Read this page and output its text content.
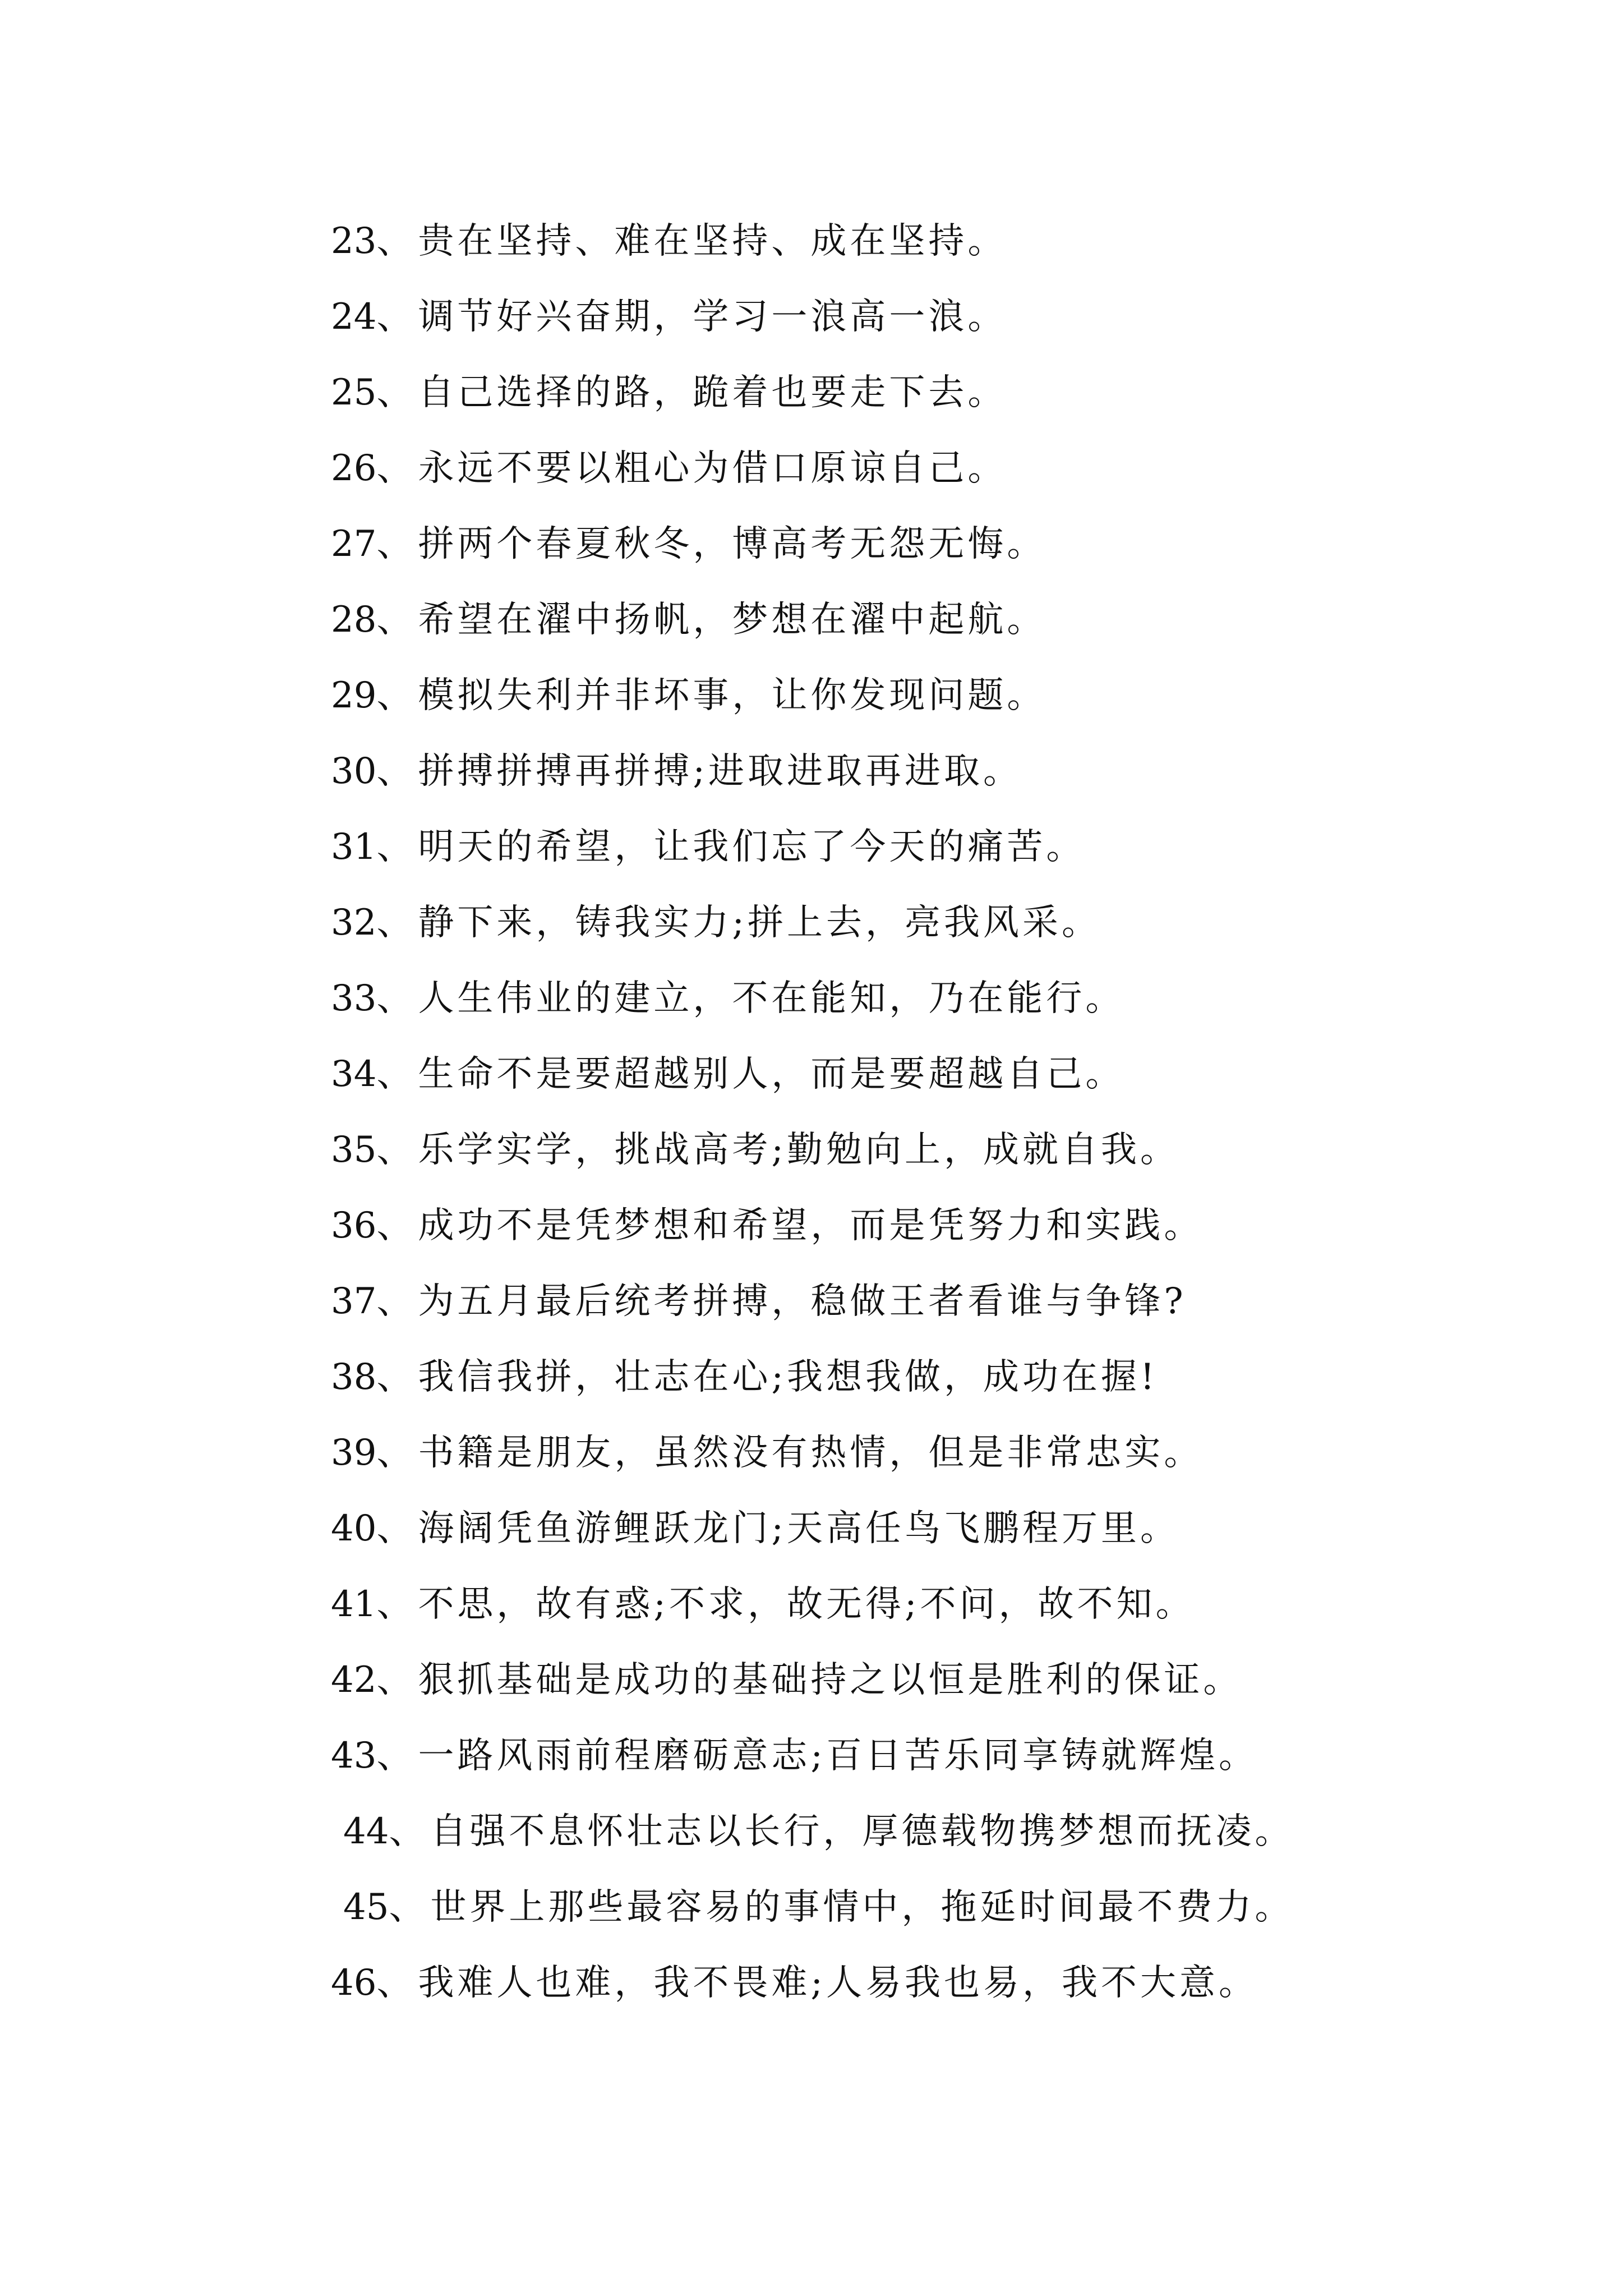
23、 贵在坚持、难在坚持、成在坚持。
24、 调节好兴奋期，学习一浪高一浪。
25、 自己选择的路，跪着也要走下去。
26、 永远不要以粗心为借口原谅自己。
27、 拼两个春夏秋冬，博高考无怨无悔。
28、 希望在濯中扬帆，梦想在濯中起航。
29、 模拟失利并非坏事，让你发现问题。
30、 拼搏拼搏再拼搏;进取进取再进取。
31、 明天的希望，让我们忘了今天的痛苦。
32、 静下来，铸我实力;拼上去，亮我风采。
33、 人生伟业的建立，不在能知，乃在能行。
34、 生命不是要超越别人，而是要超越自己。
35、 乐学实学，挑战高考;勤勉向上，成就自我。
36、 成功不是凭梦想和希望，而是凭努力和实践。
37、 为五月最后统考拼搏，稳做王者看谁与争锋?
38、 我信我拼，壮志在心;我想我做，成功在握!
39、 书籍是朋友，虽然没有热情，但是非常忠实。
40、 海阔凭鱼游鲤跃龙门;天高任鸟飞鹏程万里。
41、 不思，故有惑;不求，故无得;不问，故不知。
42、 狠抓基础是成功的基础持之以恒是胜利的保证。
43、 一路风雨前程磨砺意志;百日苦乐同享铸就辉煌。
44、 自强不息怀壮志以长行，厚德载物携梦想而抚凌。
45、 世界上那些最容易的事情中，拖延时间最不费力。
46、 我难人也难，我不畏难;人易我也易，我不大意。
